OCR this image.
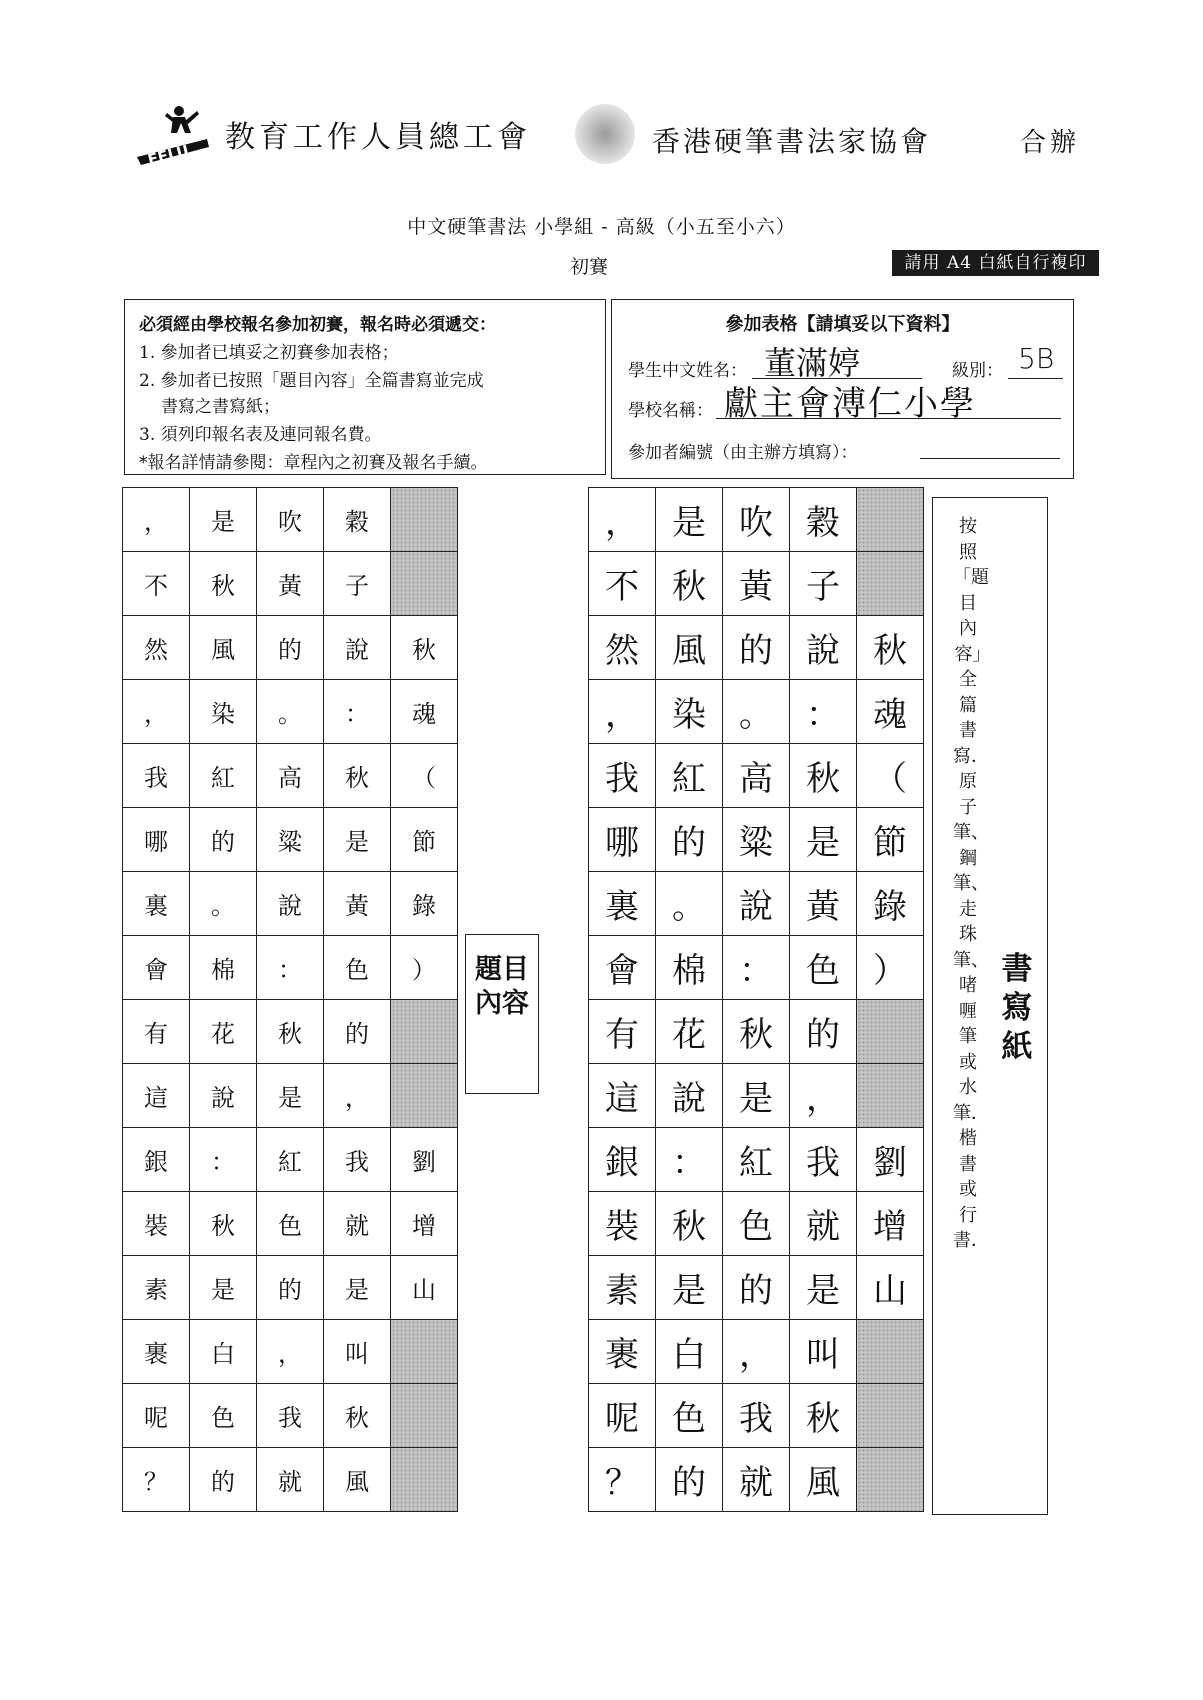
EFLU
教育工作人員總工會	香港硬筆書法家協會	合辦
中文硬筆書法 小學組 - 高級（小五至小六）
初賽	請用 A4 白紙自行複印
必須經由學校報名參加初賽，報名時必須遞交：
1. 參加者已填妥之初賽參加表格；
2. 參加者已按照「題目內容」全篇書寫並完成
書寫之書寫紙；
3. 須列印報名表及連同報名費。
*報名詳情請參閱：章程內之初賽及報名手續。
參加表格【請填妥以下資料】
學生中文姓名： 董滿婷	級別： 5B
學校名稱： 獻主會溥仁小學
參加者編號（由主辦方填寫）：
，	是	吹	穀	
不	秋	黃	子	
然	風	的	說	秋
，	染	。	：	魂
我	紅	高	秋	（
哪	的	粱	是	節
裏	。	說	黃	錄
會	棉	：	色	）
有	花	秋	的	
這	說	是	，	
銀	：	紅	我	劉
裝	秋	色	就	增
素	是	的	是	山
裹	白	，	叫	
呢	色	我	秋	
？	的	就	風	
題目內容
，	是	吹	穀	
不	秋	黃	子	
然	風	的	說	秋
，	染	。	：	魂
我	紅	高	秋	（
哪	的	粱	是	節
裏	。	說	黃	錄
會	棉	：	色	）
有	花	秋	的	
這	說	是	，	
銀	：	紅	我	劉
裝	秋	色	就	增
素	是	的	是	山
裹	白	，	叫	
呢	色	我	秋	
？	的	就	風	
按照「題目內容」全篇書寫．原子筆、鋼筆、走珠筆、啫喱筆或水筆．楷書或行書．
書寫紙
